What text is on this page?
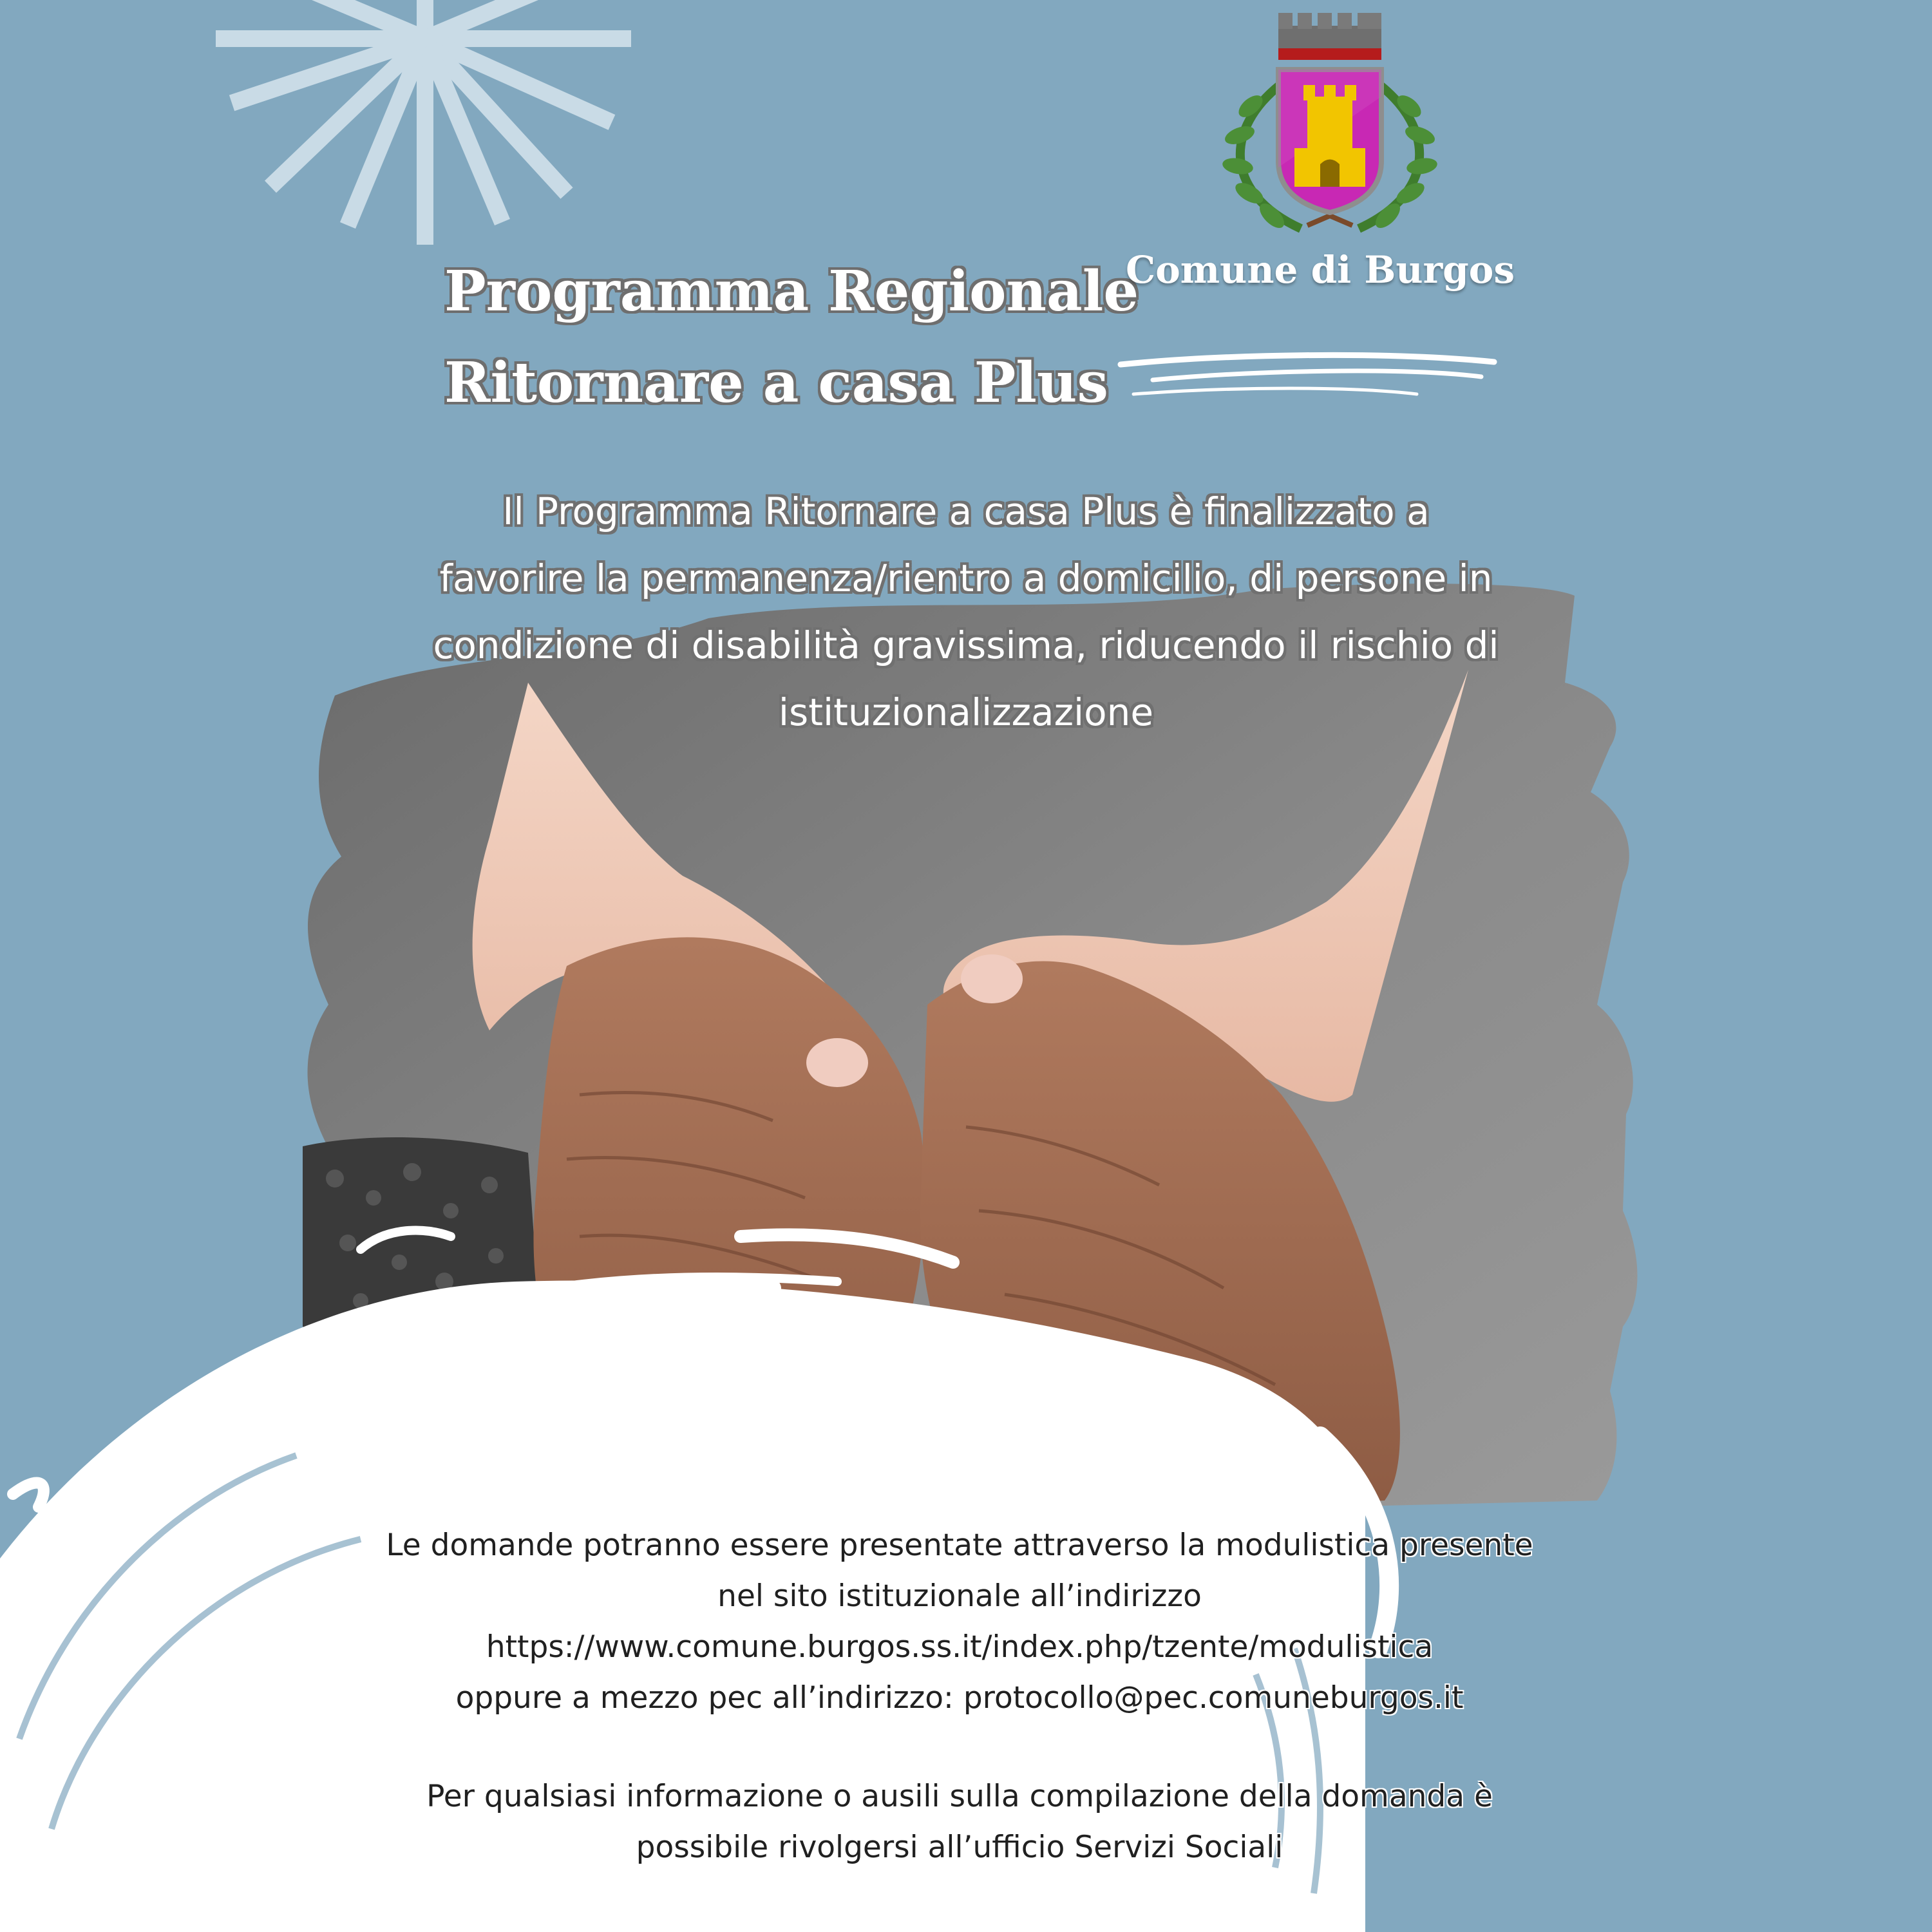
Programma Regionale
Ritornare a casa Plus
Comune di Burgos
Il Programma Ritornare a casa Plus è finalizzato a
favorire la permanenza/rientro a domicilio, di persone in
condizione di disabilità gravissima, riducendo il rischio di
istituzionalizzazione
Le domande potranno essere presentate attraverso la modulistica presente
nel sito istituzionale all’indirizzo
https://www.comune.burgos.ss.it/index.php/tzente/modulistica
oppure a mezzo pec all’indirizzo: protocollo@pec.comuneburgos.it
Per qualsiasi informazione o ausili sulla compilazione della domanda è
possibile rivolgersi all’ufficio Servizi Sociali
